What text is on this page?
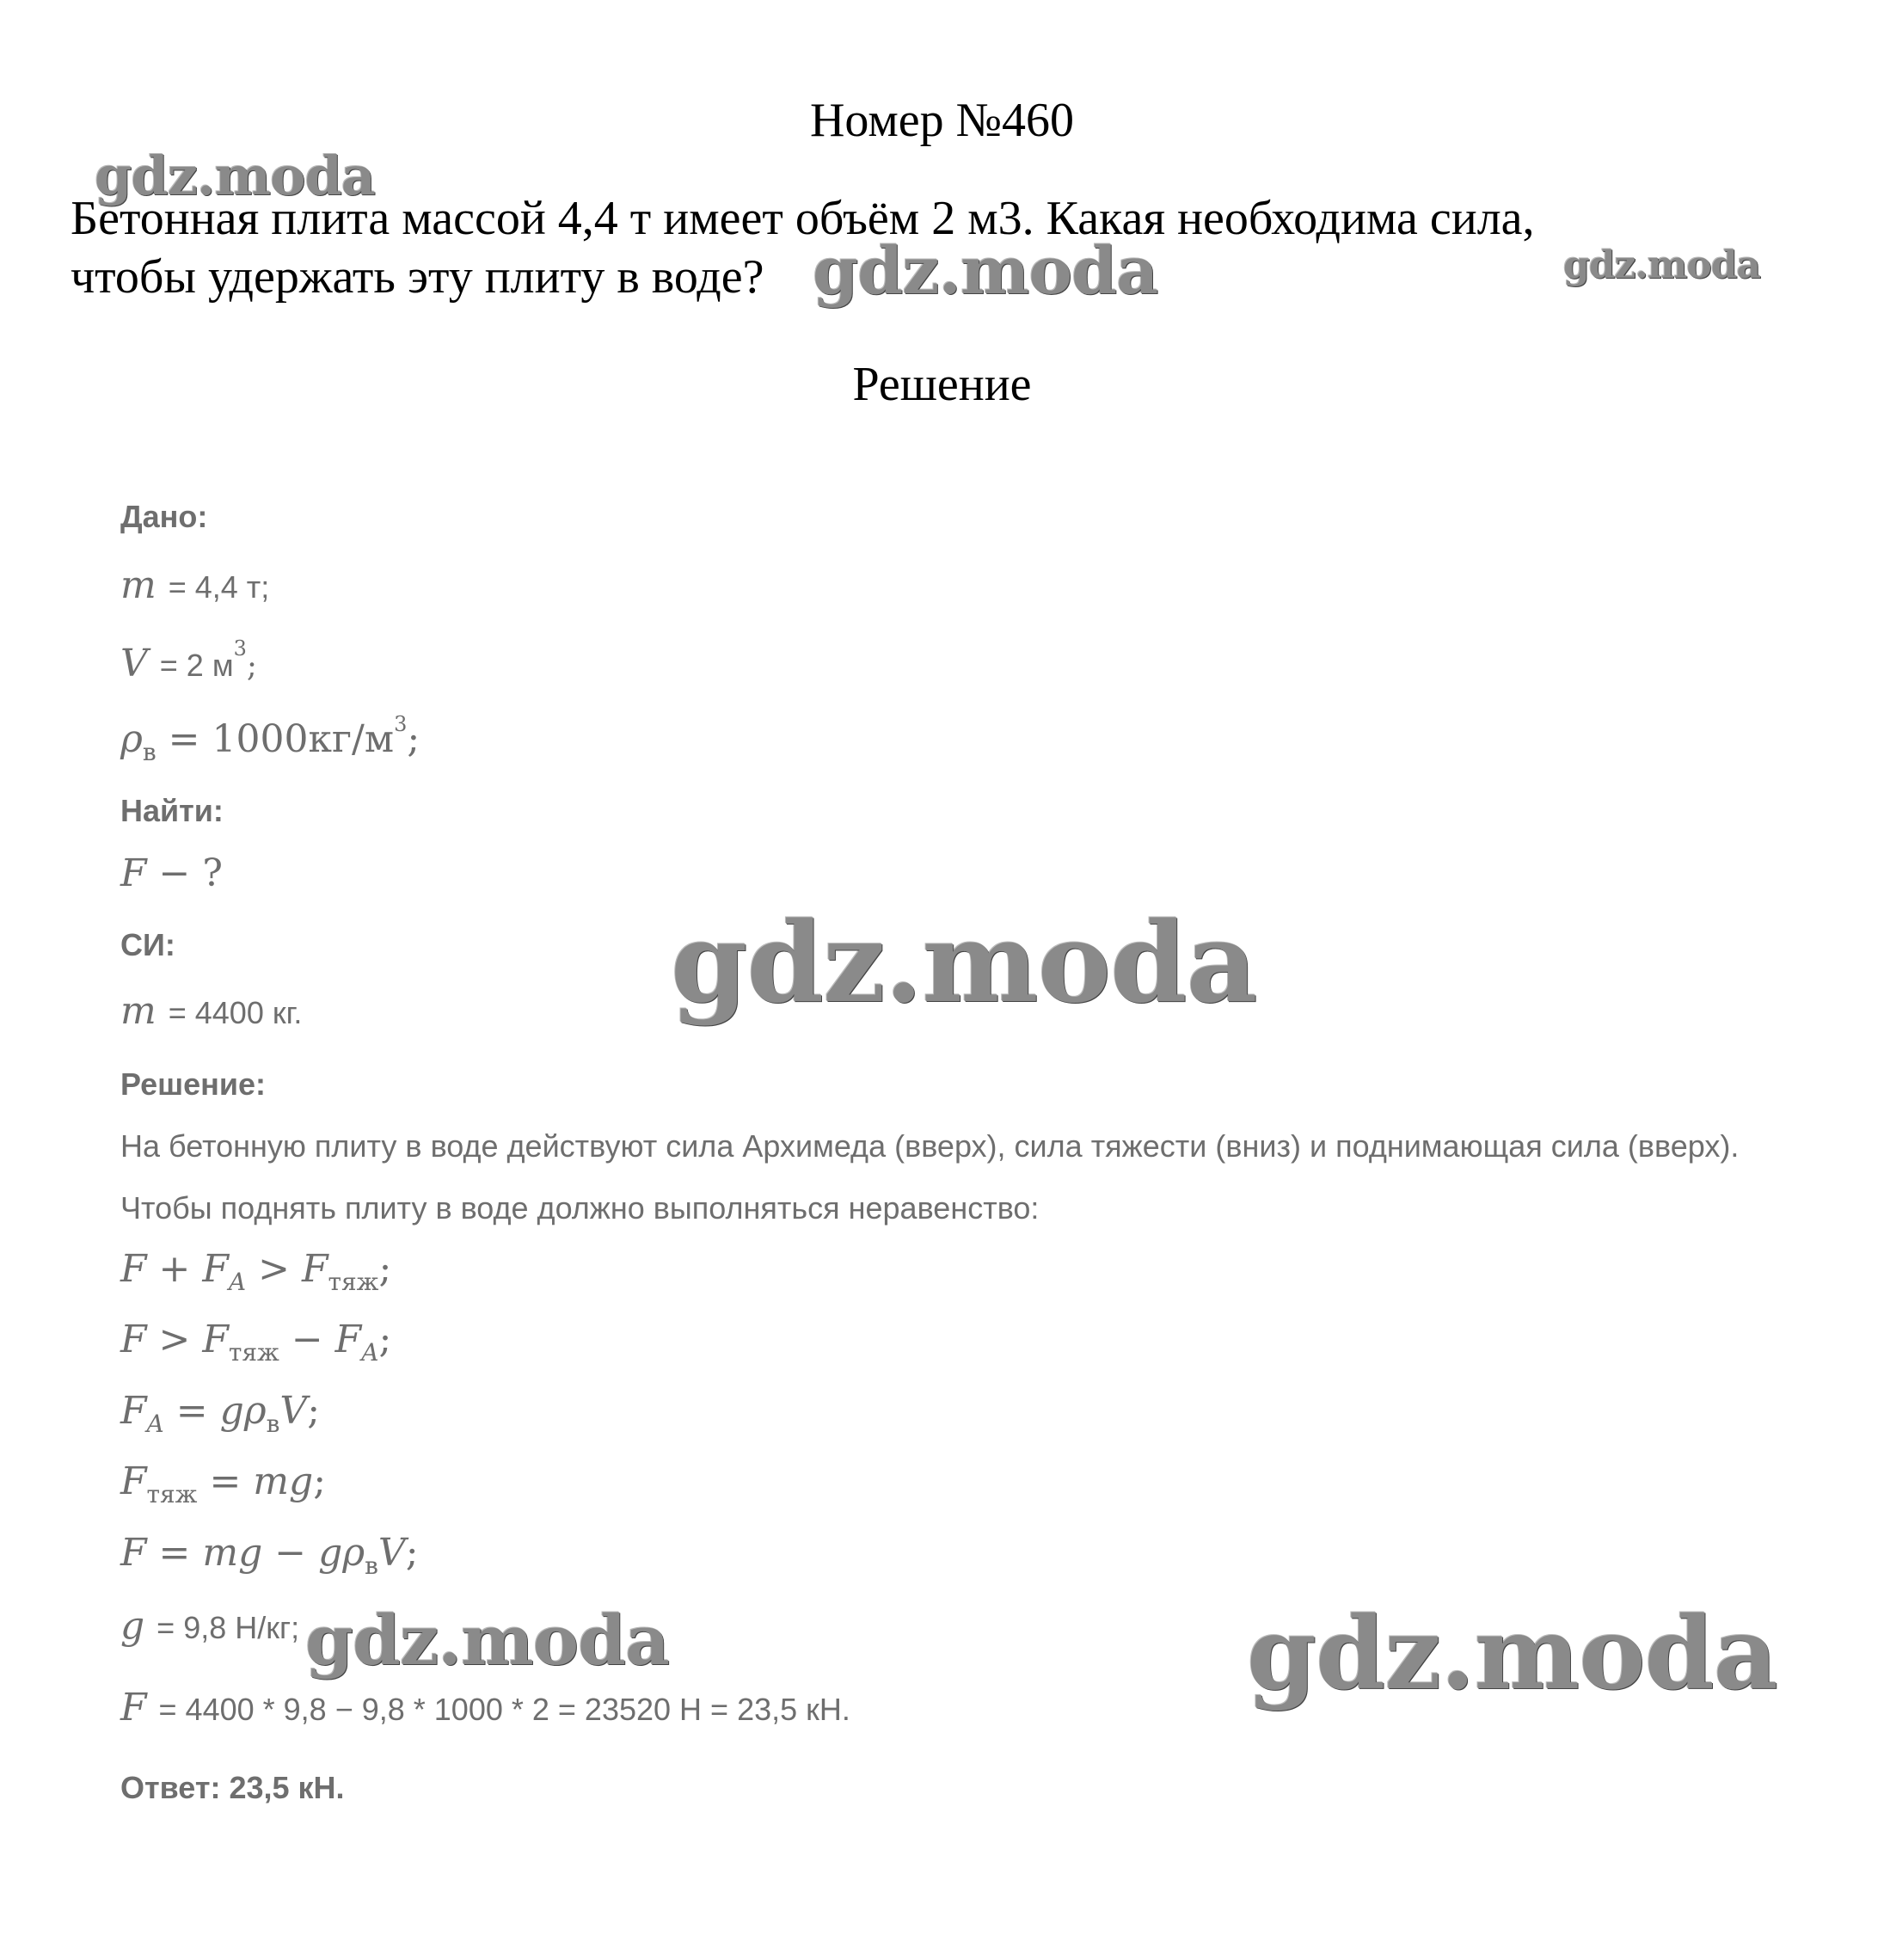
Номер №460
gdz.moda
Бетонная плита массой 4,4 т имеет объём 2 м3. Какая необходима сила,
чтобы удержать эту плиту в воде? gdz.moda	gdz.moda
Решение
Дано:
m = 4,4 т;
V = 2 $м^3$;
$\rho_в = 1000кг/м^3$;
Найти:
F − ?
СИ:	gdz.moda
m = 4400 кг.
Решение:
На бетонную плиту в воде действуют сила Архимеда (вверх), сила тяжести (вниз) и поднимающая сила (вверх).
Чтобы поднять плиту в воде должно выполняться неравенство:
$F + F_A > F_{тяж}$;
$F > F_{тяж} - F_A$;
$F_A = g\rho_вV$;
$F_{тяж}$ = mg;
F = mg − $g\rho_вV$;
g = 9,8 Н/кг; gdz.moda	gdz.moda
F = 4400 * 9,8 − 9,8 * 1000 * 2 = 23520 Н = 23,5 кН.
Ответ: 23,5 кН.
